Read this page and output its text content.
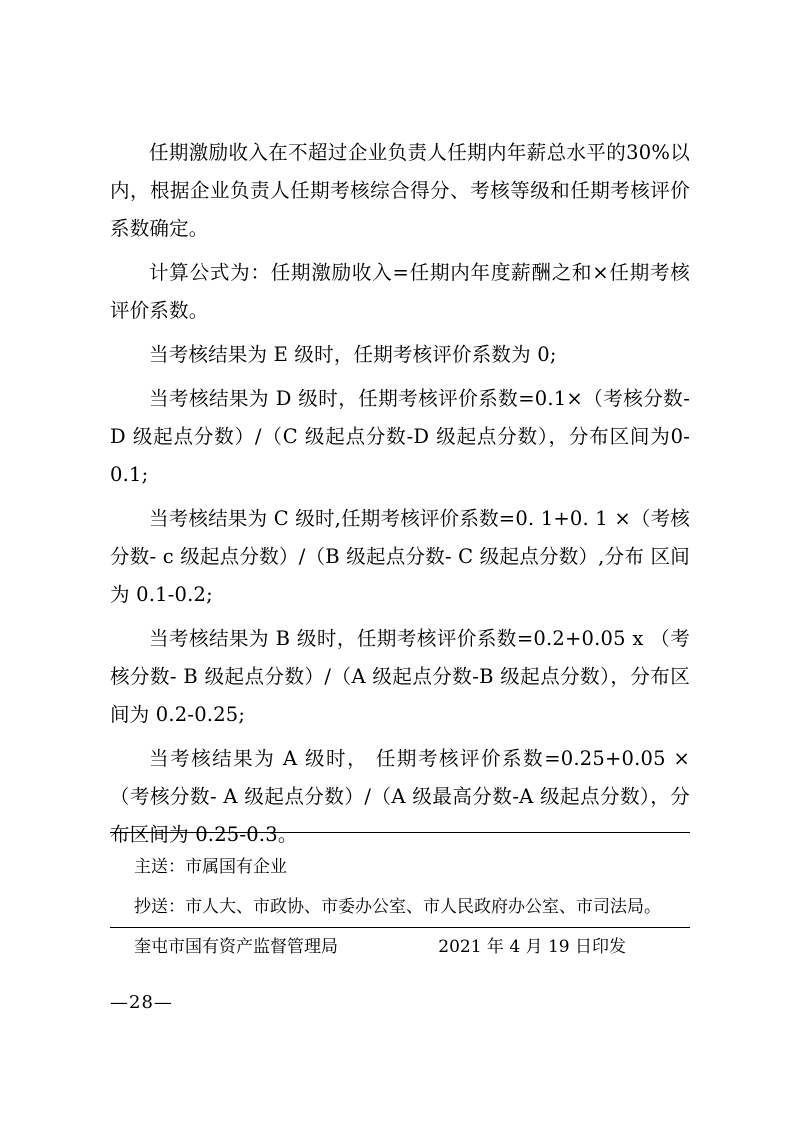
任期激励收入在不超过企业负责人任期内年薪总水平的30%以内，根据企业负责人任期考核综合得分、考核等级和任期考核评价系数确定。

计算公式为：任期激励收入=任期内年度薪酬之和×任期考核评价系数。

当考核结果为 E 级时，任期考核评价系数为 0;

当考核结果为 D 级时，任期考核评价系数=0.1×（考核分数-D 级起点分数）/（C 级起点分数-D 级起点分数），分布区间为0-0.1;

当考核结果为 C 级时,任期考核评价系数=0. 1+0. 1 ×（考核分数- c 级起点分数）/（B 级起点分数- C 级起点分数）,分布 区间为 0.1-0.2;

当考核结果为 B 级时，任期考核评价系数=0.2+0.05 x （考核分数- B 级起点分数）/（A 级起点分数-B 级起点分数），分布区间为 0.2-0.25;

当考核结果为 A 级时， 任期考核评价系数=0.25+0.05 ×（考核分数- A 级起点分数）/（A 级最高分数-A 级起点分数），分布区间为 0.25-0.3。

主送：市属国有企业

抄送：市人大、市政协、市委办公室、市人民政府办公室、市司法局。

奎屯市国有资产监督管理局	2021 年 4 月 19 日印发
—28—
